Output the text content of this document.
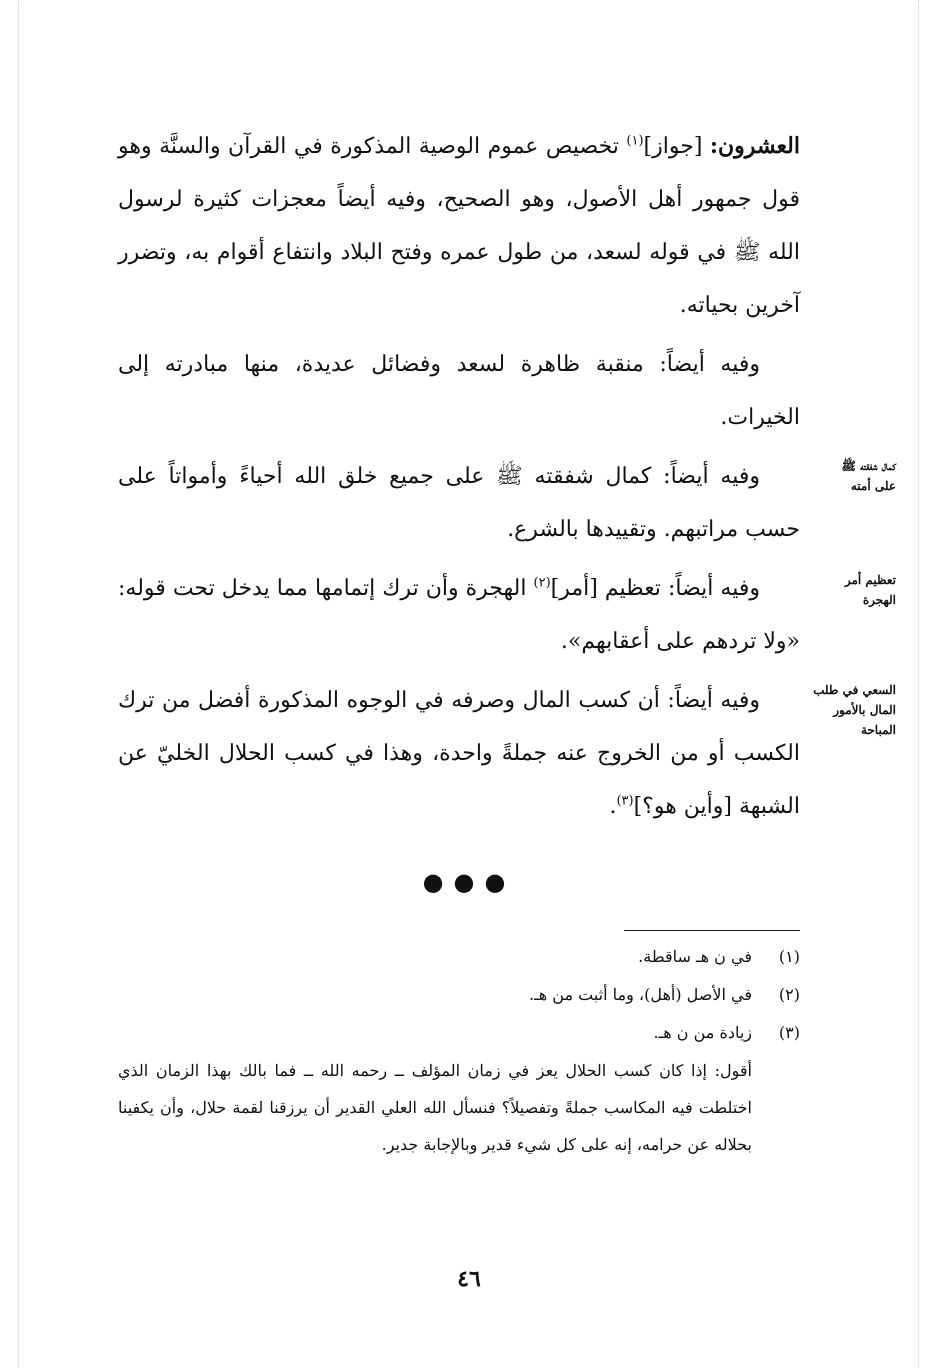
العشرون: [جواز]$^{(١)}$ تخصيص عموم الوصية المذكورة في القرآن والسنَّة وهو قول جمهور أهل الأصول، وهو الصحيح، وفيه أيضاً معجزات كثيرة لرسول الله ﷺ في قوله لسعد، من طول عمره وفتح البلاد وانتفاع أقوام به، وتضرر آخرين بحياته.

وفيه أيضاً: منقبة ظاهرة لسعد وفضائل عديدة، منها مبادرته إلى الخيرات.

وفيه أيضاً: كمال شفقته ﷺ على جميع خلق الله أحياءً وأمواتاً على حسب مراتبهم. وتقييدها بالشرع.

وفيه أيضاً: تعظيم [أمر]$^{(٢)}$ الهجرة وأن ترك إتمامها مما يدخل تحت قوله: «ولا تردهم على أعقابهم».

وفيه أيضاً: أن كسب المال وصرفه في الوجوه المذكورة أفضل من ترك الكسب أو من الخروج عنه جملةً واحدة، وهذا في كسب الحلال الخليّ عن الشبهة [وأين هو؟]$^{(٣)}$.

كمال شفقته ﷺ
على أمته
تعظيم أمر
الهجرة
السعي في طلب
المال بالأمور
المباحة
●●●

(١)في ن هـ ساقطة.

(٢)في الأصل (أهل)، وما أثبت من هـ.

(٣)زيادة من ن هـ.

أقول: إذا كان كسب الحلال يعز في زمان المؤلف ــ رحمه الله ــ فما بالك بهذا الزمان الذي اختلطت فيه المكاسب جملةً وتفصيلاً؟ فنسأل الله العلي القدير أن يرزقنا لقمة حلال، وأن يكفينا بحلاله عن حرامه، إنه على كل شيء قدير وبالإجابة جدير.

٤٦
